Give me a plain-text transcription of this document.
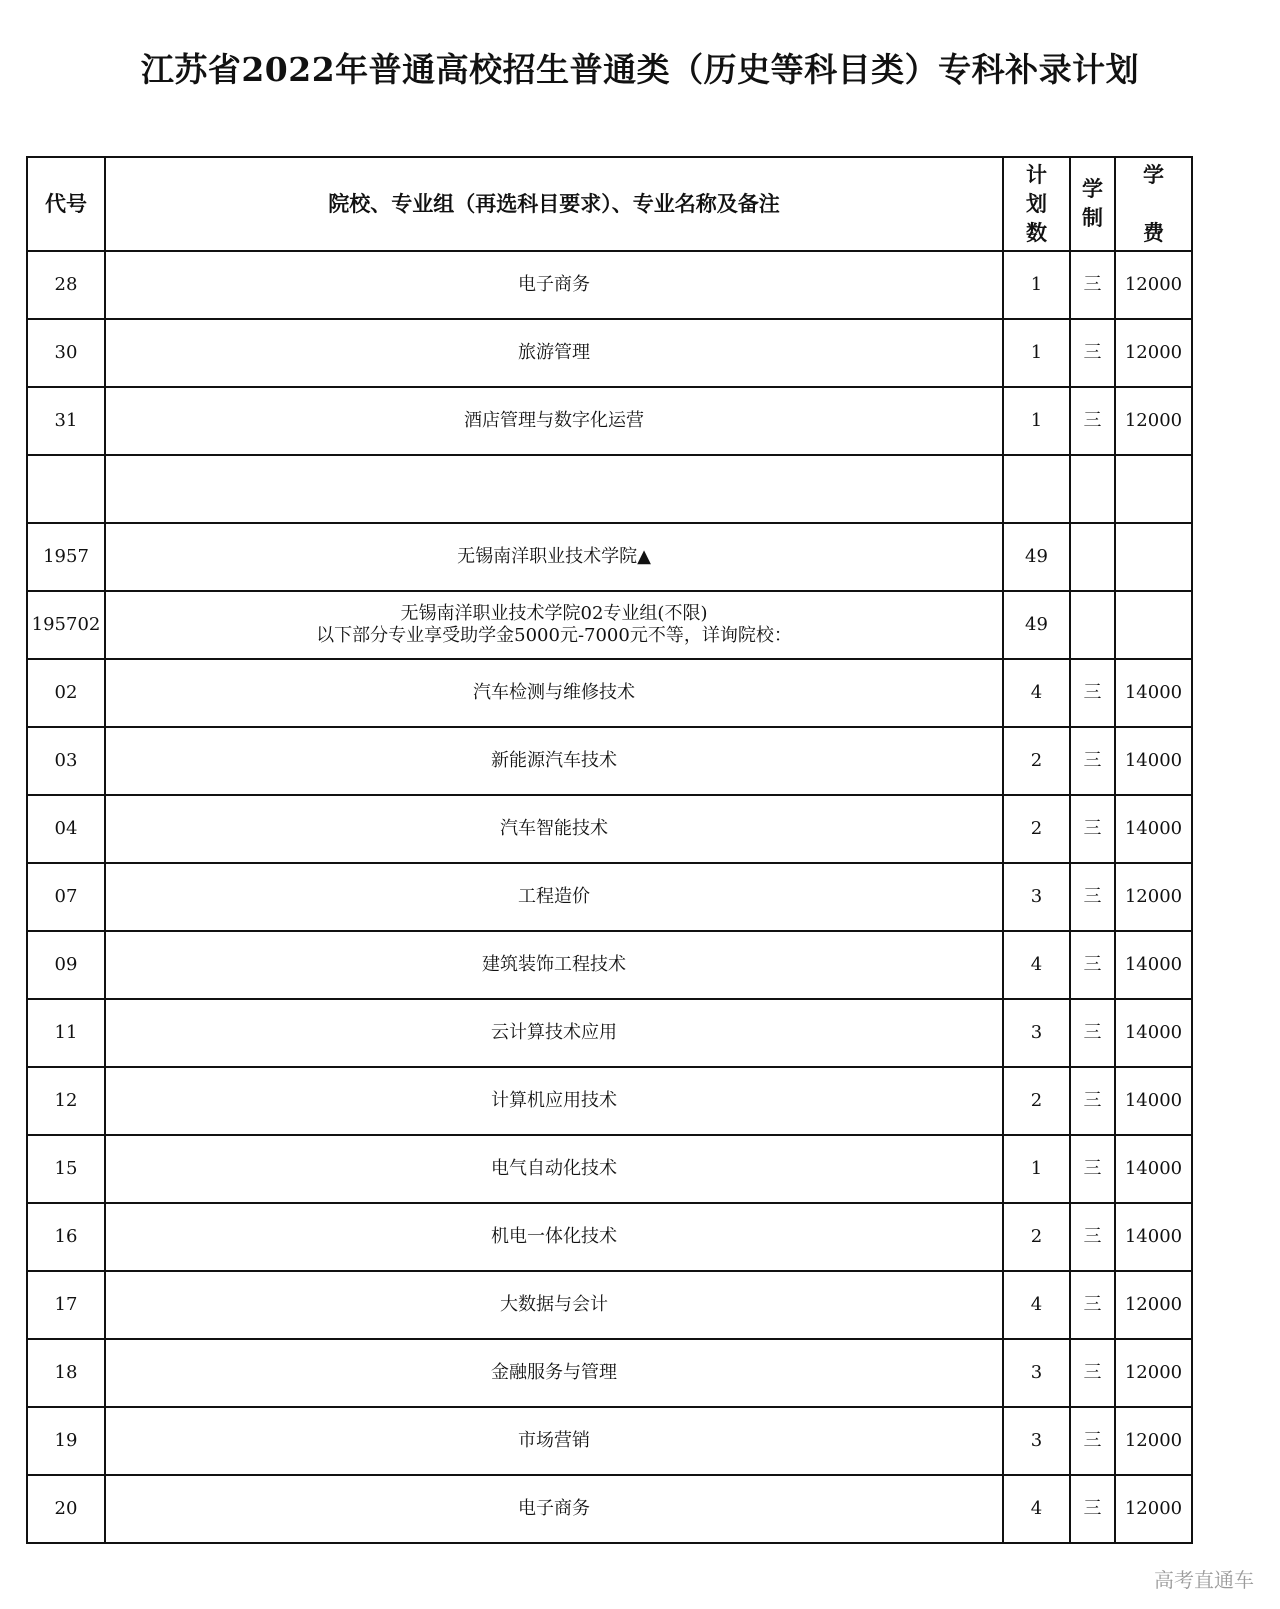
江苏省2022年普通高校招生普通类（历史等科目类）专科补录计划
代号	院校、专业组（再选科目要求）、专业名称及备注	计划数	学制	学
费

28	电子商务	1	三	12000
30	旅游管理	1	三	12000
31	酒店管理与数字化运营	1	三	12000

1957	无锡南洋职业技术学院▲	49		
195702	无锡南洋职业技术学院02专业组(不限)
以下部分专业享受助学金5000元-7000元不等，详询院校：	49		
02	汽车检测与维修技术	4	三	14000
03	新能源汽车技术	2	三	14000
04	汽车智能技术	2	三	14000
07	工程造价	3	三	12000
09	建筑装饰工程技术	4	三	14000
11	云计算技术应用	3	三	14000
12	计算机应用技术	2	三	14000
15	电气自动化技术	1	三	14000
16	机电一体化技术	2	三	14000
17	大数据与会计	4	三	12000
18	金融服务与管理	3	三	12000
19	市场营销	3	三	12000
20	电子商务	4	三	12000
高考直通车
